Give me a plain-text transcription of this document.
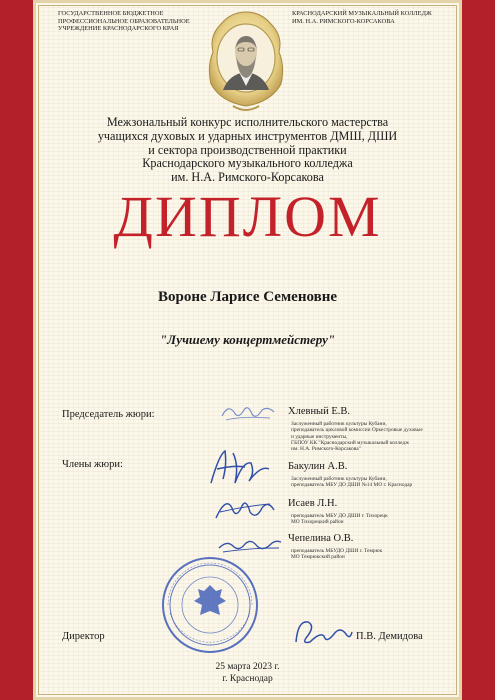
ГОСУДАРСТВЕННОЕ БЮДЖЕТНОЕ
ПРОФЕССИОНАЛЬНОЕ ОБРАЗОВАТЕЛЬНОЕ
УЧРЕЖДЕНИЕ КРАСНОДАРСКОГО КРАЯ
КРАСНОДАРСКИЙ МУЗЫКАЛЬНЫЙ КОЛЛЕДЖ
ИМ. Н.А. РИМСКОГО-КОРСАКОВА
Межзональный конкурс исполнительского мастерства
учащихся духовых и ударных инструментов ДМШ, ДШИ
и сектора производственной практики
Краснодарского музыкального колледжа
им. Н.А. Римского-Корсакова
ДИПЛОМ
Вороне Ларисе Семеновне
"Лучшему концертмейстеру"
Председатель жюри:
Члены жюри:
Хлевный Е.В.
Заслуженный работник культуры Кубани,
преподаватель цикловой комиссии Оркестровые духовые
и ударные инструменты,
ГБПОУ КК "Краснодарский музыкальный колледж
им. Н.А. Римского-Корсакова"
Бакулин А.В.
Заслуженный работник культуры Кубани,
преподаватель МБУ ДО ДШИ №14 МО г. Краснодар
Исаев Л.Н.
преподаватель МБУ ДО ДШИ г. Тихорецк
МО Тихорецкий район
Чепелина О.В.
преподаватель МБУДО ДШИ г. Темрюк
МО Темрюкский район
Директор	П.В. Демидова
25 марта 2023 г.
г. Краснодар
